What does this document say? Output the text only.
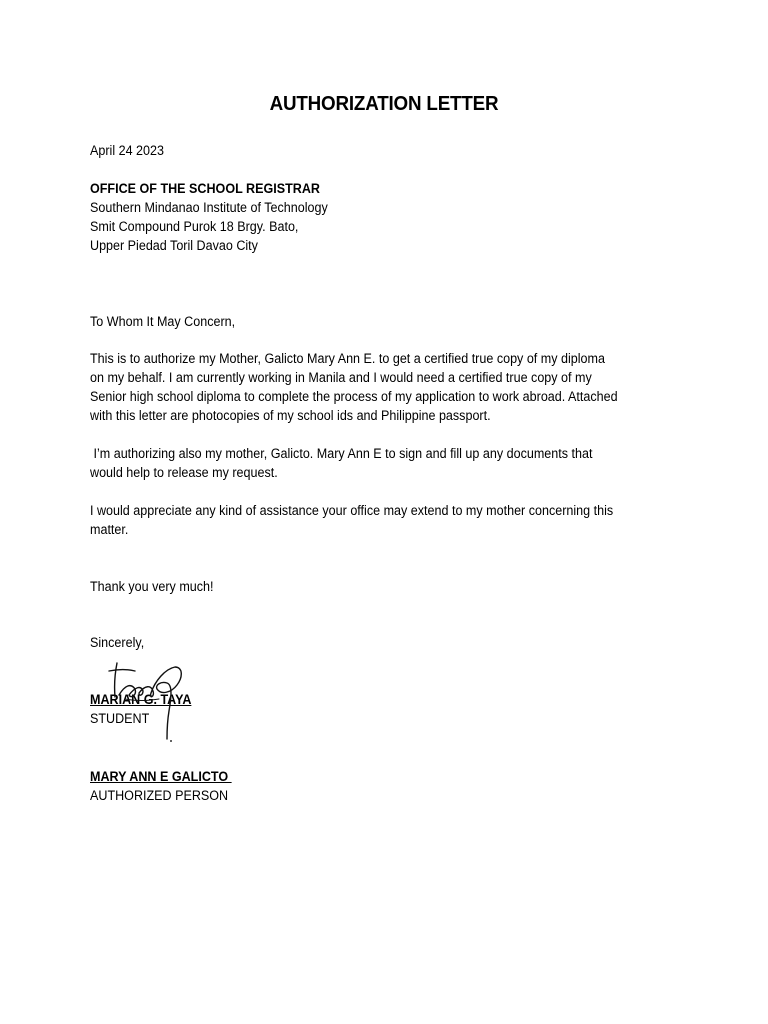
AUTHORIZATION LETTER
April 24 2023
OFFICE OF THE SCHOOL REGISTRAR
Southern Mindanao Institute of Technology
Smit Compound Purok 18 Brgy. Bato,
Upper Piedad Toril Davao City
To Whom It May Concern,
This is to authorize my Mother, Galicto Mary Ann E. to get a certified true copy of my diploma
on my behalf. I am currently working in Manila and I would need a certified true copy of my
Senior high school diploma to complete the process of my application to work abroad. Attached
with this letter are photocopies of my school ids and Philippine passport.
I’m authorizing also my mother, Galicto. Mary Ann E to sign and fill up any documents that
would help to release my request.
I would appreciate any kind of assistance your office may extend to my mother concerning this
matter.
Thank you very much!
Sincerely,
MARIAN G. TAYA
STUDENT
MARY ANN E GALICTO
AUTHORIZED PERSON
